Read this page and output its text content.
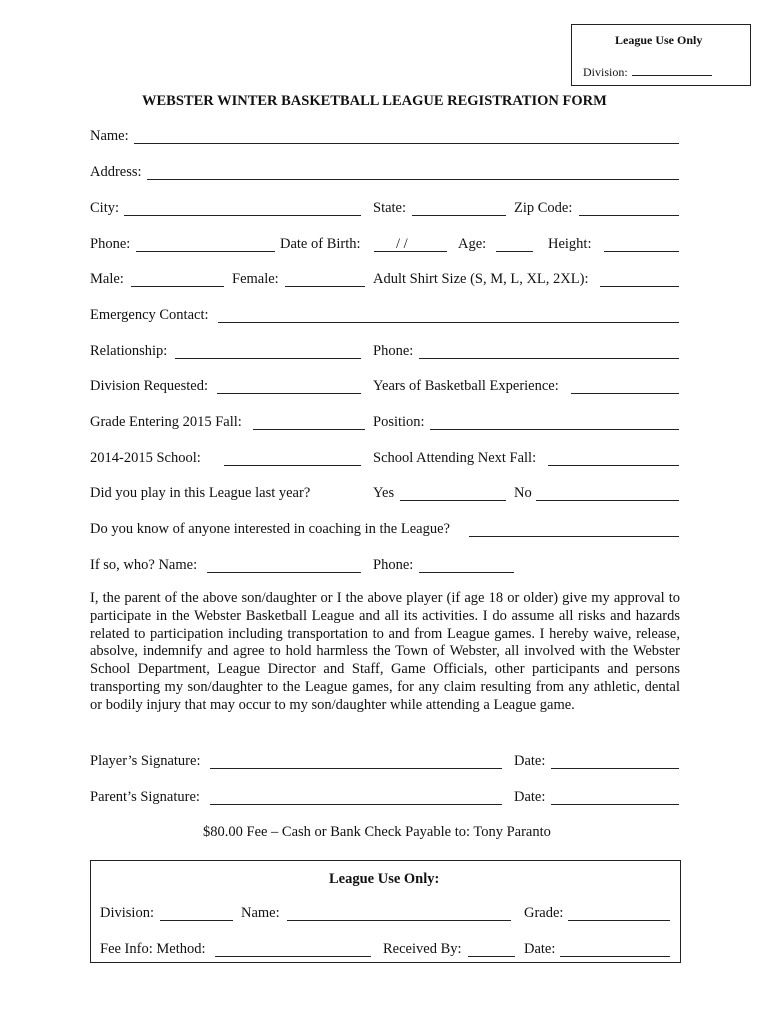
League Use Only
Division:
WEBSTER WINTER BASKETBALL LEAGUE REGISTRATION FORM
Name:
Address:
City:	State:	Zip Code:
Phone:	Date of Birth: / /	Age:	Height:
Male:	Female:	Adult Shirt Size (S, M, L, XL, 2XL):
Emergency Contact:
Relationship:	Phone:
Division Requested:	Years of Basketball Experience:
Grade Entering 2015 Fall:	Position:
2014-2015 School:	School Attending Next Fall:
Did you play in this League last year?	Yes	No
Do you know of anyone interested in coaching in the League?
If so, who? Name:	Phone:
I, the parent of the above son/daughter or I the above player (if age 18 or older) give my approval to participate in the Webster Basketball League and all its activities. I do assume all risks and hazards related to participation including transportation to and from League games. I hereby waive, release, absolve, indemnify and agree to hold harmless the Town of Webster, all involved with the Webster School Department, League Director and Staff, Game Officials, other participants and persons transporting my son/daughter to the League games, for any claim resulting from any athletic, dental or bodily injury that may occur to my son/daughter while attending a League game.
Player’s Signature:	Date:
Parent’s Signature:	Date:
$80.00 Fee – Cash or Bank Check Payable to: Tony Paranto
League Use Only:
Division:	Name:	Grade:
Fee Info: Method:	Received By:	Date:
